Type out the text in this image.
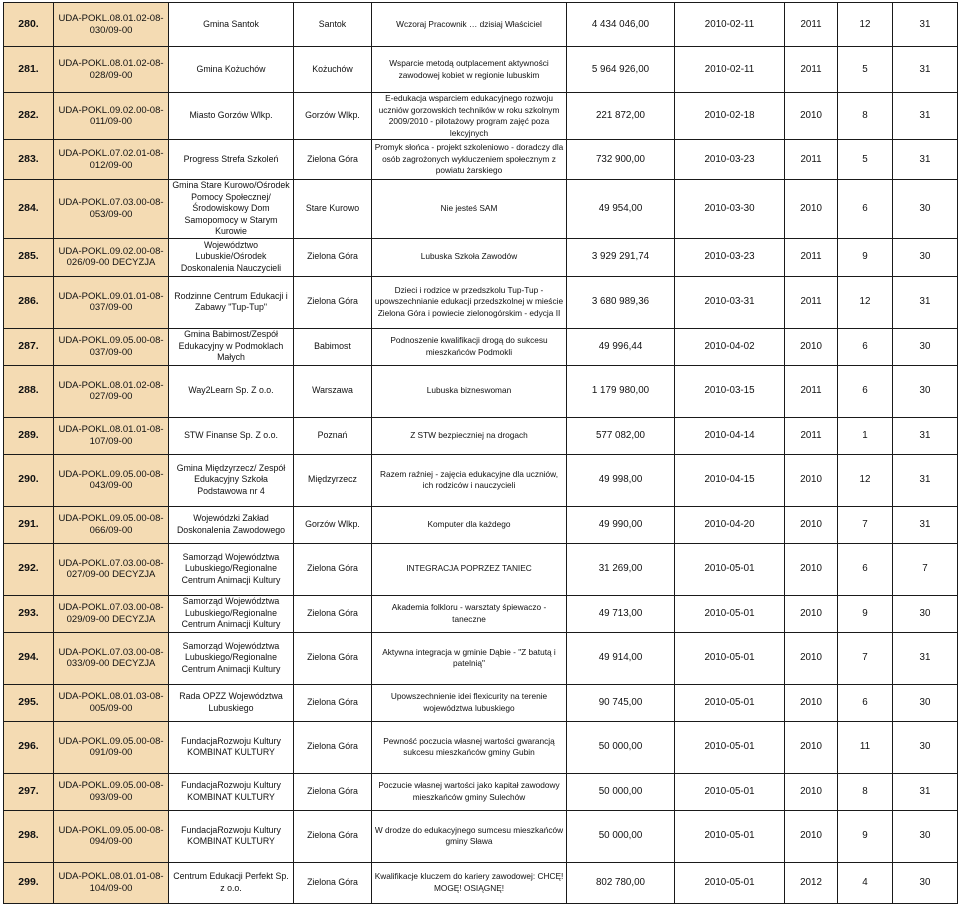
280.	UDA-POKL.08.01.02-08-030/09-00	Gmina Santok	Santok	Wczoraj Pracownik … dzisiaj Właściciel	4 434 046,00	2010-02-11	2011	12	31
281.	UDA-POKL.08.01.02-08-028/09-00	Gmina Kożuchów	Kożuchów	Wsparcie metodą outplacement aktywności zawodowej kobiet w regionie lubuskim	5 964 926,00	2010-02-11	2011	5	31
282.	UDA-POKL.09.02.00-08-011/09-00	Miasto Gorzów Wlkp.	Gorzów Wlkp.	E-edukacja wsparciem edukacyjnego rozwoju uczniów gorzowskich techników w roku szkolnym 2009/2010 - pilotażowy program zajęć poza lekcyjnych	221 872,00	2010-02-18	2010	8	31
283.	UDA-POKL.07.02.01-08-012/09-00	Progress Strefa Szkoleń	Zielona Góra	Promyk słońca - projekt szkoleniowo - doradczy dla osób zagrożonych wykluczeniem społecznym z powiatu żarskiego	732 900,00	2010-03-23	2011	5	31
284.	UDA-POKL.07.03.00-08-053/09-00	Gmina Stare Kurowo/Ośrodek Pomocy Społecznej/Środowiskowy Dom Samopomocy w Starym Kurowie	Stare Kurowo	Nie jesteś SAM	49 954,00	2010-03-30	2010	6	30
285.	UDA-POKL.09.02.00-08-026/09-00 DECYZJA	Województwo Lubuskie/Ośrodek Doskonalenia Nauczycieli	Zielona Góra	Lubuska Szkoła Zawodów	3 929 291,74	2010-03-23	2011	9	30
286.	UDA-POKL.09.01.01-08-037/09-00	Rodzinne Centrum Edukacji i Zabawy "Tup-Tup"	Zielona Góra	Dzieci i rodzice w przedszkolu Tup-Tup - upowszechnianie edukacji przedszkolnej w mieście Zielona Góra i powiecie zielonogórskim - edycja II	3 680 989,36	2010-03-31	2011	12	31
287.	UDA-POKL.09.05.00-08-037/09-00	Gmina Babimost/Zespół Edukacyjny w Podmoklach Małych	Babimost	Podnoszenie kwalifikacji drogą do sukcesu mieszkańców Podmokli	49 996,44	2010-04-02	2010	6	30
288.	UDA-POKL.08.01.02-08-027/09-00	Way2Learn Sp. Z o.o.	Warszawa	Lubuska bizneswoman	1 179 980,00	2010-03-15	2011	6	30
289.	UDA-POKL.08.01.01-08-107/09-00	STW Finanse Sp. Z o.o.	Poznań	Z STW bezpieczniej na drogach	577 082,00	2010-04-14	2011	1	31
290.	UDA-POKL.09.05.00-08-043/09-00	Gmina Międzyrzecz/ Zespół Edukacyjny Szkoła Podstawowa nr 4	Międzyrzecz	Razem raźniej - zajęcia edukacyjne dla uczniów, ich rodziców i nauczycieli	49 998,00	2010-04-15	2010	12	31
291.	UDA-POKL.09.05.00-08-066/09-00	Wojewódzki Zakład Doskonalenia Zawodowego	Gorzów Wlkp.	Komputer dla każdego	49 990,00	2010-04-20	2010	7	31
292.	UDA-POKL.07.03.00-08-027/09-00 DECYZJA	Samorząd Województwa Lubuskiego/Regionalne Centrum Animacji Kultury	Zielona Góra	INTEGRACJA POPRZEZ TANIEC	31 269,00	2010-05-01	2010	6	7
293.	UDA-POKL.07.03.00-08-029/09-00 DECYZJA	Samorząd Województwa Lubuskiego/Regionalne Centrum Animacji Kultury	Zielona Góra	Akademia folkloru - warsztaty śpiewaczo - taneczne	49 713,00	2010-05-01	2010	9	30
294.	UDA-POKL.07.03.00-08-033/09-00 DECYZJA	Samorząd Województwa Lubuskiego/Regionalne Centrum Animacji Kultury	Zielona Góra	Aktywna integracja w gminie Dąbie - "Z batutą i patelnią"	49 914,00	2010-05-01	2010	7	31
295.	UDA-POKL.08.01.03-08-005/09-00	Rada OPZZ Województwa Lubuskiego	Zielona Góra	Upowszechnienie idei flexicurity na terenie województwa lubuskiego	90 745,00	2010-05-01	2010	6	30
296.	UDA-POKL.09.05.00-08-091/09-00	FundacjaRozwoju Kultury KOMBINAT KULTURY	Zielona Góra	Pewność poczucia własnej wartości gwarancją sukcesu mieszkańców gminy Gubin	50 000,00	2010-05-01	2010	11	30
297.	UDA-POKL.09.05.00-08-093/09-00	FundacjaRozwoju Kultury KOMBINAT KULTURY	Zielona Góra	Poczucie własnej wartości jako kapitał zawodowy mieszkańców gminy Sulechów	50 000,00	2010-05-01	2010	8	31
298.	UDA-POKL.09.05.00-08-094/09-00	FundacjaRozwoju Kultury KOMBINAT KULTURY	Zielona Góra	W drodze do edukacyjnego sumcesu mieszkańców gminy Sława	50 000,00	2010-05-01	2010	9	30
299.	UDA-POKL.08.01.01-08-104/09-00	Centrum Edukacji Perfekt Sp. z o.o.	Zielona Góra	Kwalifikacje kluczem do kariery zawodowej: CHCĘ! MOGĘ! OSIĄGNĘ!	802 780,00	2010-05-01	2012	4	30
